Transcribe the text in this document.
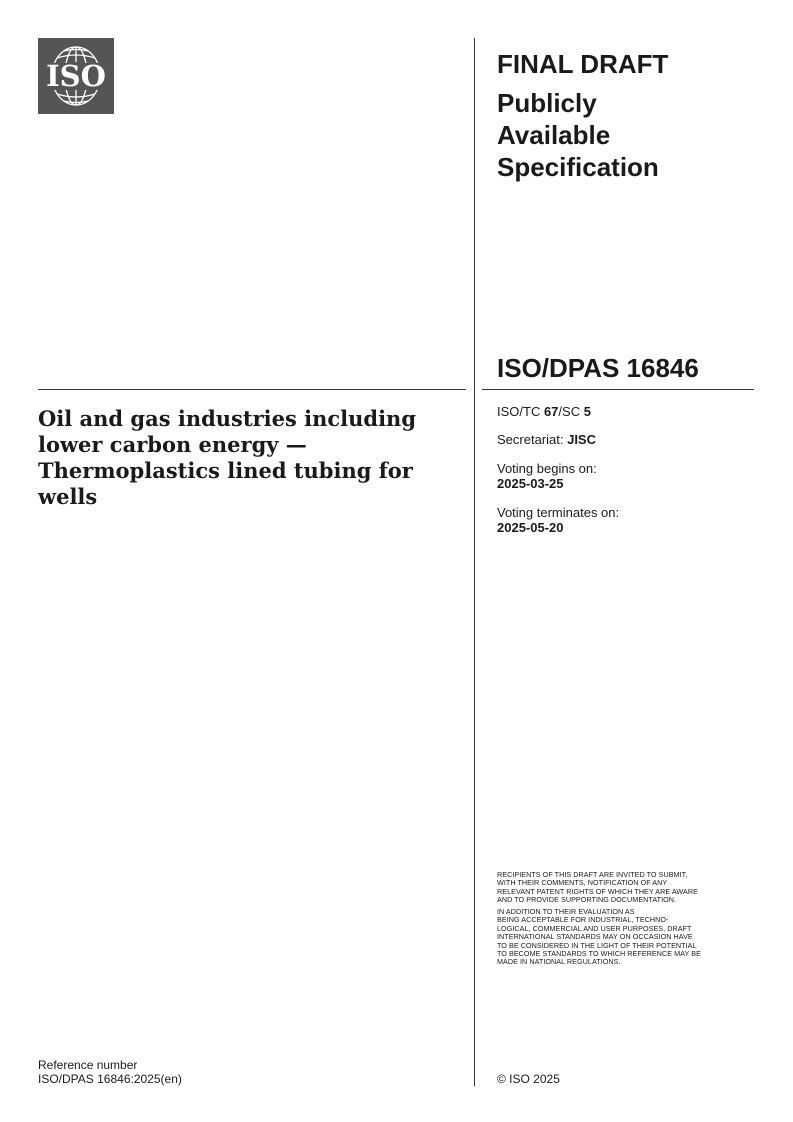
ISO	FINAL DRAFT
Publicly
Available
Specification
ISO/DPAS 16846
Oil and gas industries including
lower carbon energy —
Thermoplastics lined tubing for
wells
ISO/TC 67/SC 5
Secretariat: JISC
Voting begins on:
2025-03-25
Voting terminates on:
2025-05-20
RECIPIENTS OF THIS DRAFT ARE INVITED TO SUBMIT,
WITH THEIR COMMENTS, NOTIFICATION OF ANY
RELEVANT PATENT RIGHTS OF WHICH THEY ARE AWARE
AND TO PROVIDE SUPPORTING DOCUMENTATION.
IN ADDITION TO THEIR EVALUATION AS
BEING ACCEPTABLE FOR INDUSTRIAL, TECHNO-
LOGICAL, COMMERCIAL AND USER PURPOSES, DRAFT
INTERNATIONAL STANDARDS MAY ON OCCASION HAVE
TO BE CONSIDERED IN THE LIGHT OF THEIR POTENTIAL
TO BECOME STANDARDS TO WHICH REFERENCE MAY BE
MADE IN NATIONAL REGULATIONS.
Reference number
ISO/DPAS 16846:2025(en)	© ISO 2025
